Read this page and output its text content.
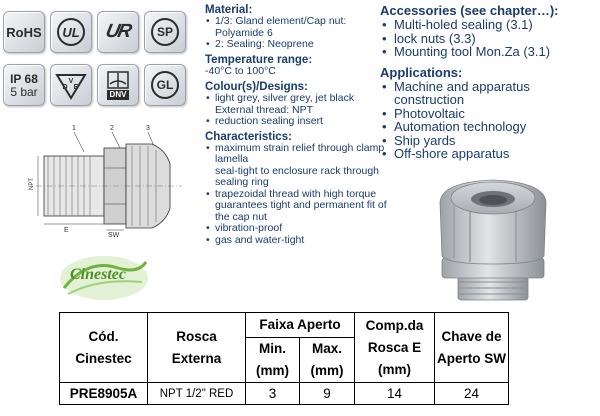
RoHS UL UR SP
IP 68
5 bar
V
D E
DNV
GL
1	2	3
NPT
E
SW
Cinestec
Material:
• 1/3: Gland element/Cap nut:
Polyamide 6
• 2: Sealing: Neoprene
Temperature range:
-40°C to 100°C
Colour(s)/Designs:
• light grey, silver grey, jet black
External thread: NPT
• reduction sealing insert
Characteristics:
• maximum strain relief through clamp lamella
seal-tight to enclosure rack through sealing ring
• trapezoidal thread with high torque guarantees tight and permanent fit of the cap nut
• vibration-proof
• gas and water-tight
Accessories (see chapter…):
• Multi-holed sealing (3.1)
• lock nuts (3.3)
• Mounting tool Mon.Za (3.1)
Applications:
• Machine and apparatus construction
• Photovoltaic
• Automation technology
• Ship yards
• Off-shore apparatus
Cód. Cinestec	Rosca Externa	Faixa Aperto		Comp.da Rosca E (mm)	Chave de Aperto SW
		Min. (mm)	Max. (mm)		

PRE8905A	NPT 1/2" RED	3	9	14	24
